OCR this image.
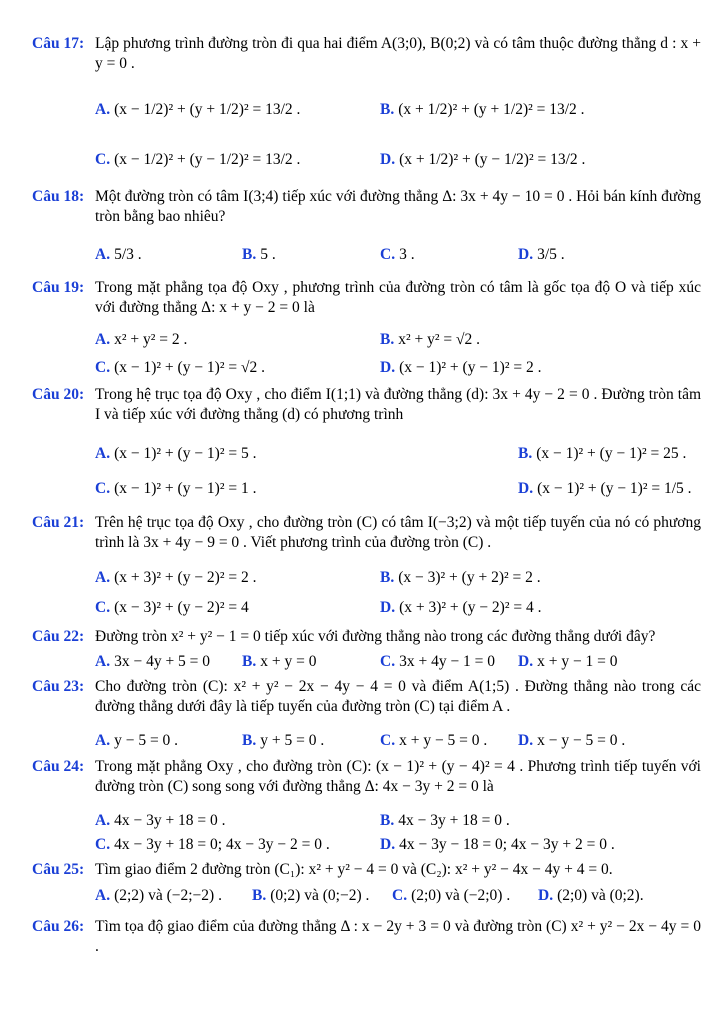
Câu 17: Lập phương trình đường tròn đi qua hai điểm A(3;0), B(0;2) và có tâm thuộc đường thẳng d : x + y = 0 .
A. (x − 1/2)² + (y + 1/2)² = 13/2 .	B. (x + 1/2)² + (y + 1/2)² = 13/2 .
C. (x − 1/2)² + (y − 1/2)² = 13/2 .	D. (x + 1/2)² + (y − 1/2)² = 13/2 .
Câu 18: Một đường tròn có tâm I(3;4) tiếp xúc với đường thẳng Δ: 3x + 4y − 10 = 0 . Hỏi bán kính đường tròn bằng bao nhiêu?
A. 5/3 .	B. 5 .	C. 3 .	D. 3/5 .
Câu 19: Trong mặt phẳng tọa độ Oxy , phương trình của đường tròn có tâm là gốc tọa độ O và tiếp xúc với đường thẳng Δ: x + y − 2 = 0 là
A. x² + y² = 2 .	B. x² + y² = √2 .
C. (x − 1)² + (y − 1)² = √2 .	D. (x − 1)² + (y − 1)² = 2 .
Câu 20: Trong hệ trục tọa độ Oxy , cho điểm I(1;1) và đường thẳng (d): 3x + 4y − 2 = 0 . Đường tròn tâm I và tiếp xúc với đường thẳng (d) có phương trình
A. (x − 1)² + (y − 1)² = 5 .	B. (x − 1)² + (y − 1)² = 25 .
C. (x − 1)² + (y − 1)² = 1 .	D. (x − 1)² + (y − 1)² = 1/5 .
Câu 21: Trên hệ trục tọa độ Oxy , cho đường tròn (C) có tâm I(−3;2) và một tiếp tuyến của nó có phương trình là 3x + 4y − 9 = 0 . Viết phương trình của đường tròn (C) .
A. (x + 3)² + (y − 2)² = 2 .	B. (x − 3)² + (y + 2)² = 2 .
C. (x − 3)² + (y − 2)² = 4	D. (x + 3)² + (y − 2)² = 4 .
Câu 22: Đường tròn x² + y² − 1 = 0 tiếp xúc với đường thẳng nào trong các đường thẳng dưới đây?
A. 3x − 4y + 5 = 0 B. x + y = 0	C. 3x + 4y − 1 = 0 D. x + y − 1 = 0
Câu 23: Cho đường tròn (C): x² + y² − 2x − 4y − 4 = 0 và điểm A(1;5) . Đường thẳng nào trong các đường thẳng dưới đây là tiếp tuyến của đường tròn (C) tại điểm A .
A. y − 5 = 0 .	B. y + 5 = 0 .	C. x + y − 5 = 0 . D. x − y − 5 = 0 .
Câu 24: Trong mặt phẳng Oxy , cho đường tròn (C): (x − 1)² + (y − 4)² = 4 . Phương trình tiếp tuyến với đường tròn (C) song song với đường thẳng Δ: 4x − 3y + 2 = 0 là
A. 4x − 3y + 18 = 0 .	B. 4x − 3y + 18 = 0 .
C. 4x − 3y + 18 = 0; 4x − 3y − 2 = 0 .	D. 4x − 3y − 18 = 0; 4x − 3y + 2 = 0 .
Câu 25: Tìm giao điểm 2 đường tròn (C₁): x² + y² − 4 = 0 và (C₂): x² + y² − 4x − 4y + 4 = 0.
A. (2;2) và (−2;−2) . B. (0;2) và (0;−2) . C. (2;0) và (−2;0) . D. (2;0) và (0;2).
Câu 26: Tìm tọa độ giao điểm của đường thẳng Δ : x − 2y + 3 = 0 và đường tròn (C) x² + y² − 2x − 4y = 0 .
